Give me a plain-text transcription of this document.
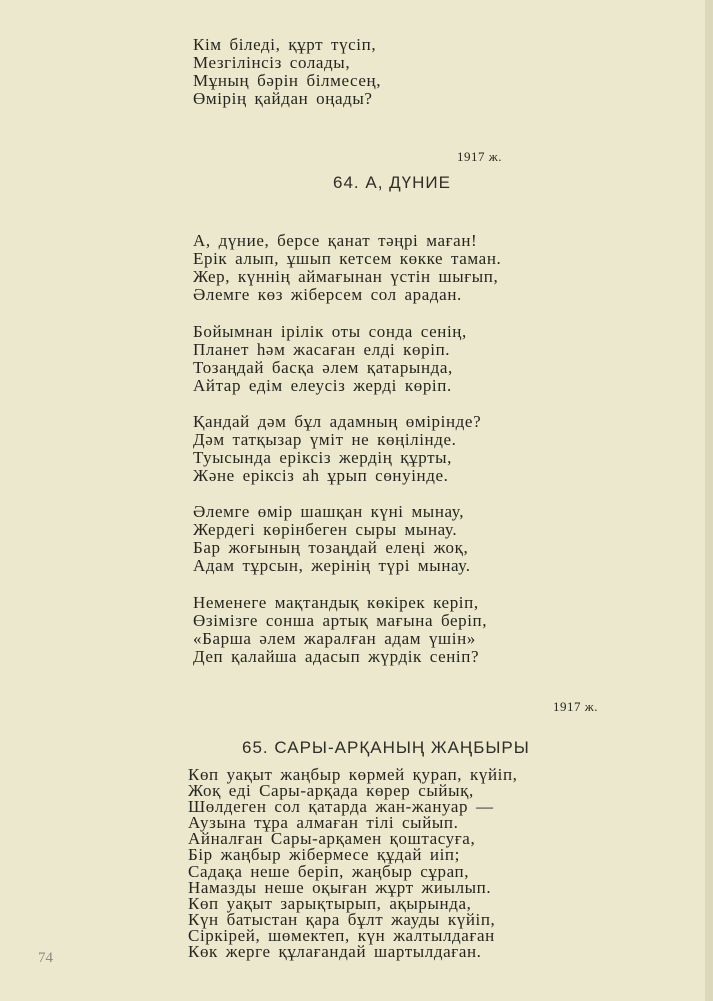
Кім біледі, құрт түсіп,
Мезгілінсіз солады,
Мұның бәрін білмесең,
Өмірің қайдан оңады?
1917 ж.
64. А, ДҮНИЕ
А, дүние, берсе қанат тәңрі маған!
Ерік алып, ұшып кетсем көкке таман.
Жер, күннің аймағынан үстін шығып,
Әлемге көз жіберсем сол арадан.
Бойымнан ірілік оты сонда сенің,
Планет һәм жасаған елді көріп.
Тозаңдай басқа әлем қатарында,
Айтар едім елеусіз жерді көріп.
Қандай дәм бұл адамның өмірінде?
Дәм татқызар үміт не көңілінде.
Туысында еріксіз жердің құрты,
Және еріксіз аһ ұрып сөнуінде.
Әлемге өмір шашқан күні мынау,
Жердегі көрінбеген сыры мынау.
Бар жоғының тозаңдай елеңі жоқ,
Адам тұрсын, жерінің түрі мынау.
Неменеге мақтандық көкірек керіп,
Өзімізге соншa артық мағына беріп,
«Барша әлем жаралған адам үшін»
Деп қалайша адасып жүрдік сеніп?
1917 ж.
65. САРЫ-АРҚАНЫҢ ЖАҢБЫРЫ
Көп уақыт жаңбыр көрмей қурап, күйіп,
Жоқ еді Сары-арқада көрер сыйық,
Шөлдеген сол қатарда жан-жануар —
Аузына тұра алмаған тілі сыйып.
Айналған Сары-арқамен қоштасуға,
Бір жаңбыр жібермесе құдай иіп;
Садақа неше беріп, жаңбыр сұрап,
Намазды неше оқыған жұрт жиылып.
Көп уақыт зарықтырып, ақырында,
Күн батыстан қара бұлт жауды күйіп,
Сіркірей, шөмектеп, күн жалтылдаған
Көк жерге құлағандай шартылдаған.
74
